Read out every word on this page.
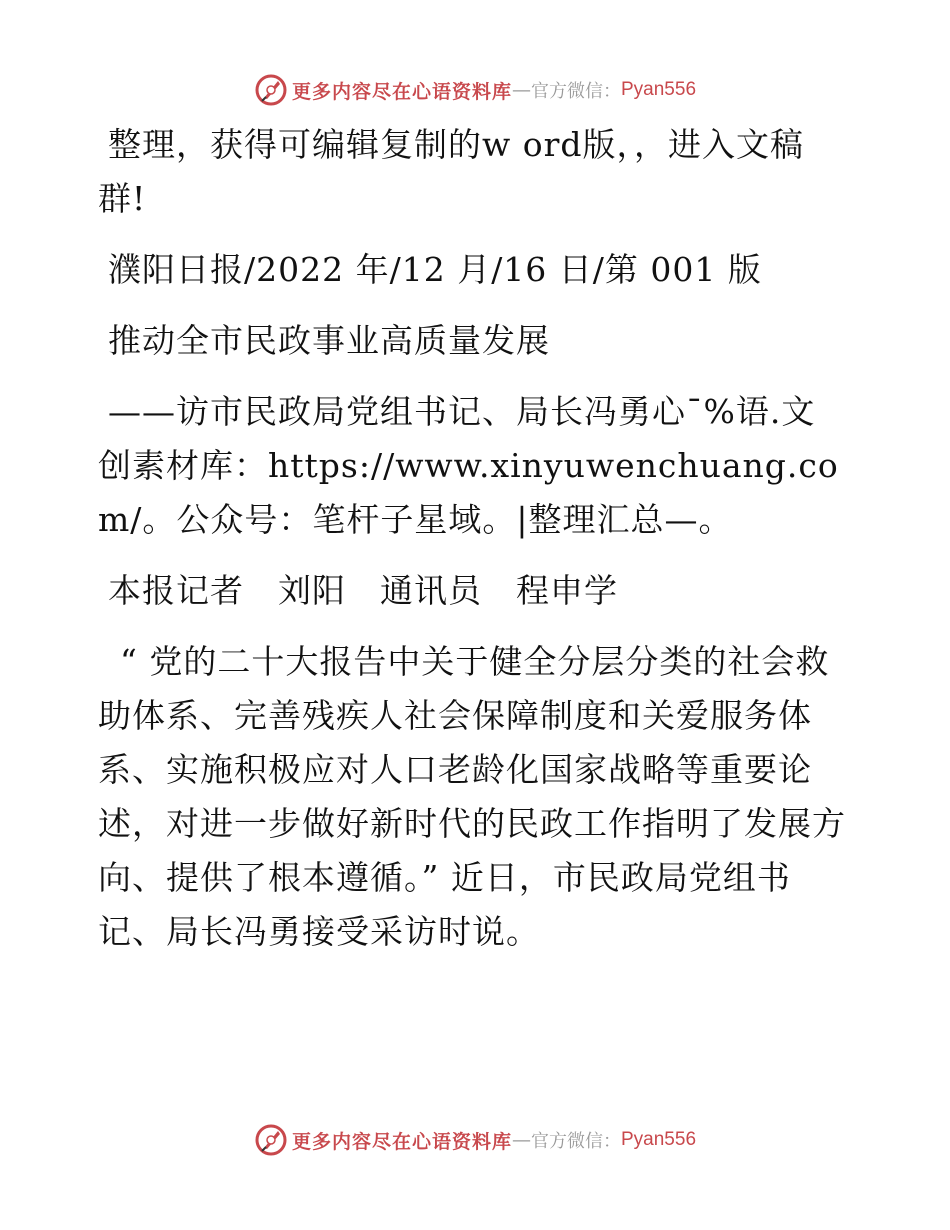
更多内容尽在心语资料库 — 官方微信： Pyan556

整理，获得可编辑复制的w ord版，，进入文稿群!

濮阳日报/2022 年/12 月/16 日/第 001 版

推动全市民政事业高质量发展

——访市民政局党组书记、局长冯勇心¯%语.文创素材库：https://www.xinyuwenchuang.com/。公众号：笔杆子星域。|整理汇总—。

本报记者　刘阳　通讯员　程申学

“ 党的二十大报告中关于健全分层分类的社会救助体系、完善残疾人社会保障制度和关爱服务体系、实施积极应对人口老龄化国家战略等重要论述，对进一步做好新时代的民政工作指明了发展方向、提供了根本遵循。” 近日，市民政局党组书记、局长冯勇接受采访时说。

更多内容尽在心语资料库 — 官方微信： Pyan556
